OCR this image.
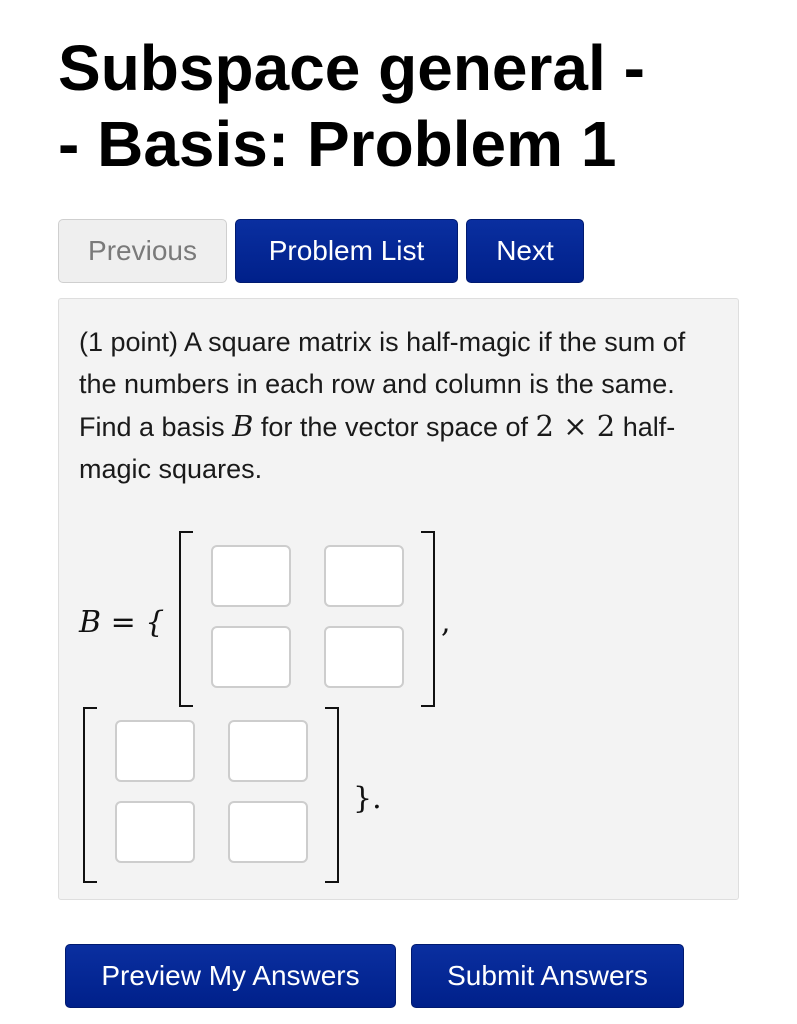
Subspace general -
- Basis: Problem 1
Previous	Problem List	Next
(1 point) A square matrix is half-magic if the sum of the numbers in each row and column is the same. Find a basis B for the vector space of 2 × 2 half-magic squares.
B = {	,
}.
Preview My Answers	Submit Answers
